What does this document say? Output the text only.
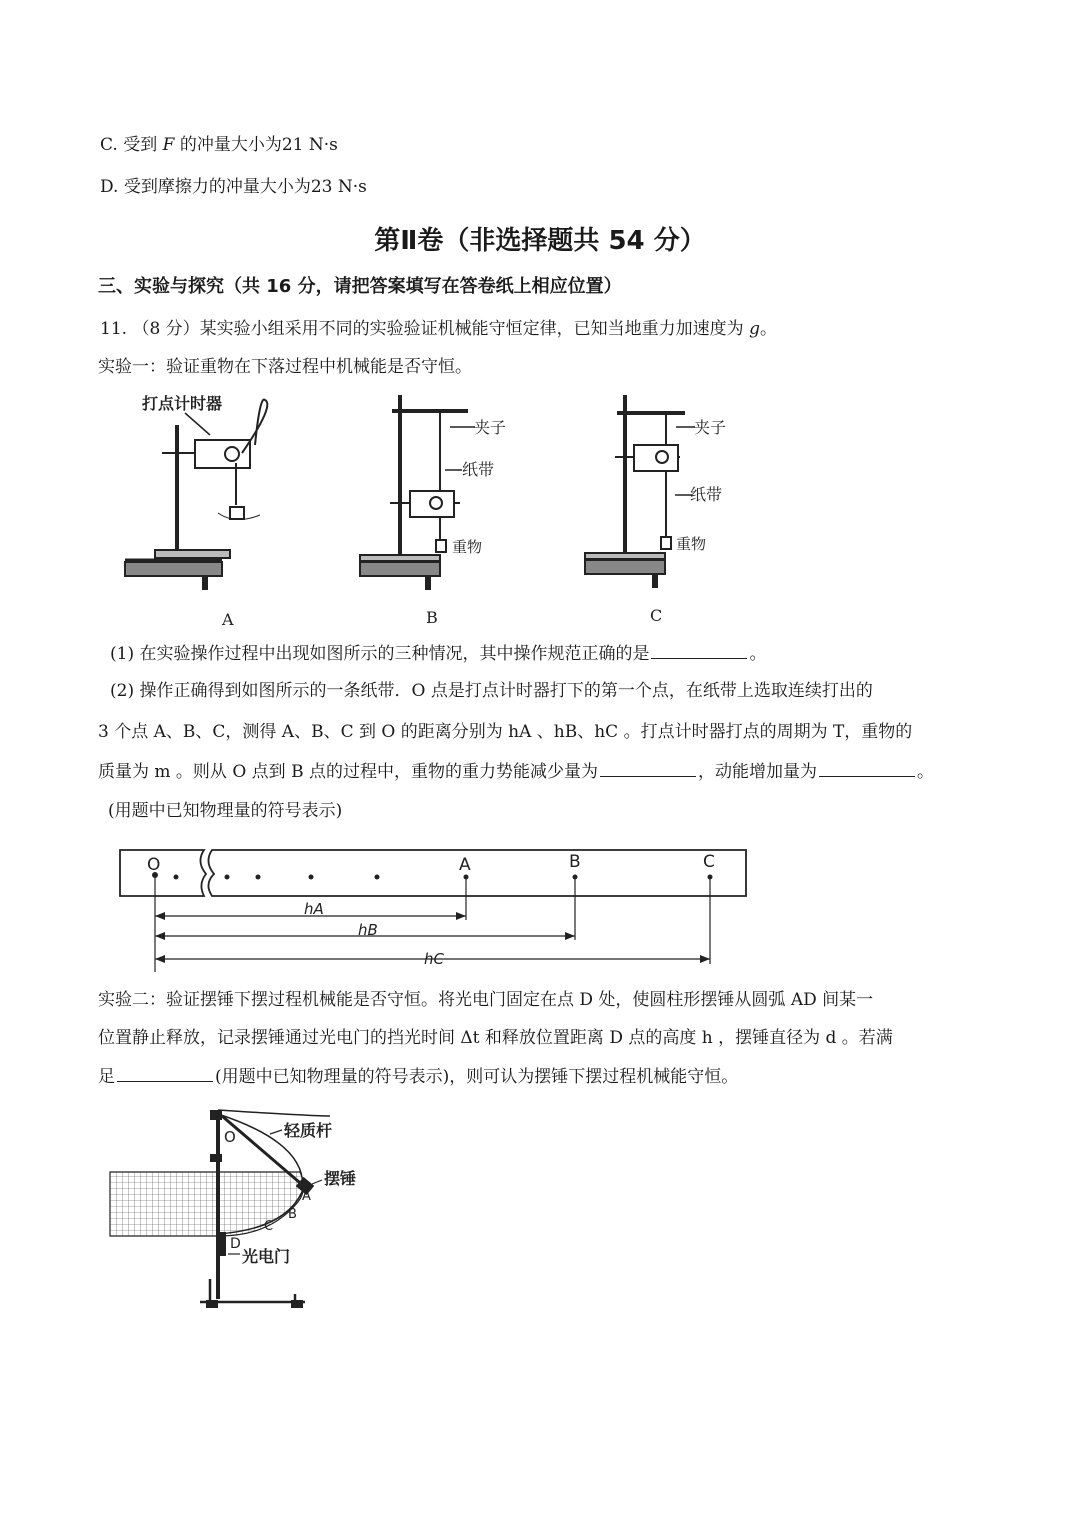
C. 受到 F 的冲量大小为21 N·s
D. 受到摩擦力的冲量大小为23 N·s
第Ⅱ卷（非选择题共 54 分）
三、实验与探究（共 16 分，请把答案填写在答卷纸上相应位置）
11. （8 分）某实验小组采用不同的实验验证机械能守恒定律，已知当地重力加速度为 g。
实验一：验证重物在下落过程中机械能是否守恒。
打点计时器
A
夹子
纸带
重物
B
夹子
纸带
重物
C
(1) 在实验操作过程中出现如图所示的三种情况，其中操作规范正确的是	。
(2) 操作正确得到如图所示的一条纸带．O 点是打点计时器打下的第一个点，在纸带上选取连续打出的
3 个点 A、B、C，测得 A、B、C 到 O 的距离分别为 hA 、hB、hC 。打点计时器打点的周期为 T，重物的
质量为 m 。则从 O 点到 B 点的过程中，重物的重力势能减少量为	，动能增加量为	。
(用题中已知物理量的符号表示)
O	A	B	C
hA
hB
hC
实验二：验证摆锤下摆过程机械能是否守恒。将光电门固定在点 D 处，使圆柱形摆锤从圆弧 AD 间某一
位置静止释放，记录摆锤通过光电门的挡光时间 Δt 和释放位置距离 D 点的高度 h ，摆锤直径为 d 。若满
足	(用题中已知物理量的符号表示)，则可认为摆锤下摆过程机械能守恒。
O
A
B
C
D
轻质杆
摆锤
光电门
